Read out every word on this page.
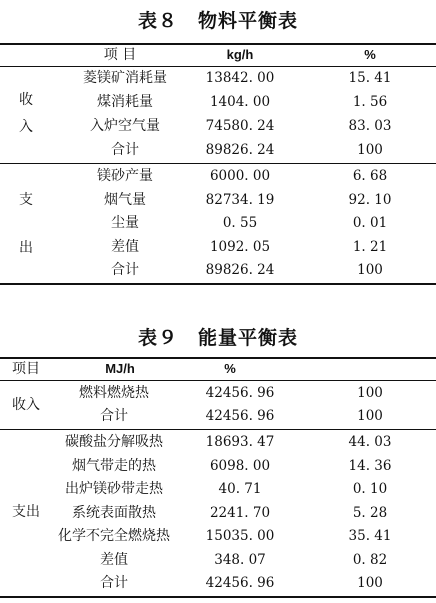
表８　物料平衡表
项 目	kg/h	%
收
入
菱镁矿消耗量	13842. 00	15. 41
煤消耗量	1404. 00	1. 56
入炉空气量	74580. 24	83. 03
合计	89826. 24	100
支
出
镁砂产量	6000. 00	6. 68
烟气量	82734. 19	92. 10
尘量	0. 55	0. 01
差值	1092. 05	1. 21
合计	89826. 24	100
表９　能量平衡表
项目	MJ/h	%
收入
燃料燃烧热	42456. 96	100
合计	42456. 96	100
支出
碳酸盐分解吸热	18693. 47	44. 03
烟气带走的热	6098. 00	14. 36
出炉镁砂带走热	40. 71	0. 10
系统表面散热	2241. 70	5. 28
化学不完全燃烧热	15035. 00	35. 41
差值	348. 07	0. 82
合计	42456. 96	100
